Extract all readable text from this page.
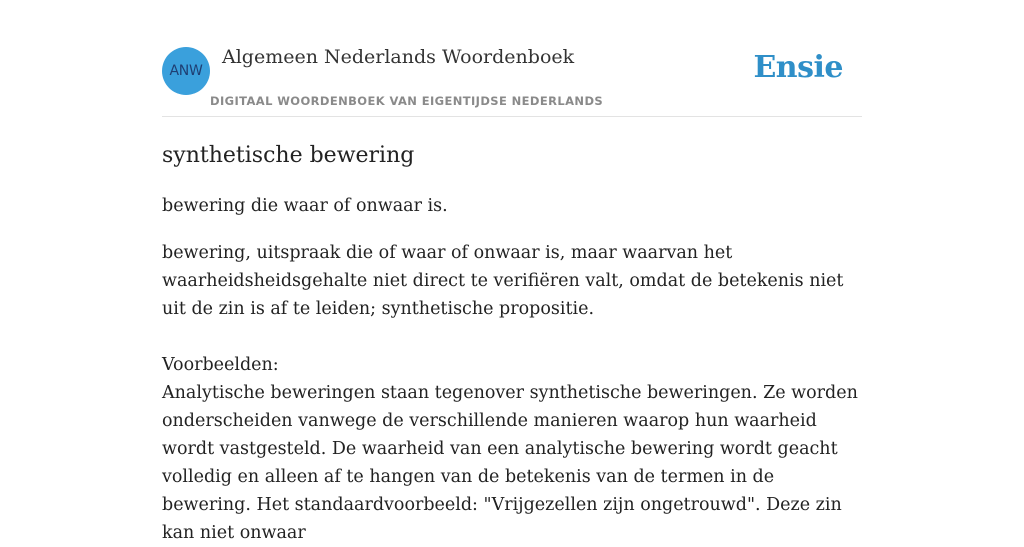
ANW
Algemeen Nederlands Woordenboek
DIGITAAL WOORDENBOEK VAN EIGENTIJDSE NEDERLANDS
Ensie
synthetische bewering

bewering die waar of onwaar is.

bewering, uitspraak die of waar of onwaar is, maar waarvan het waarheidsheidsgehalte niet direct te verifiëren valt, omdat de betekenis niet uit de zin is af te leiden; synthetische propositie.

Voorbeelden:

Analytische beweringen staan tegenover synthetische beweringen. Ze worden onderscheiden vanwege de verschillende manieren waarop hun waarheid wordt vastgesteld. De waarheid van een analytische bewering wordt geacht volledig en alleen af te hangen van de betekenis van de termen in de bewering. Het standaardvoorbeeld: "Vrijgezellen zijn ongetrouwd". Deze zin kan niet onwaar
